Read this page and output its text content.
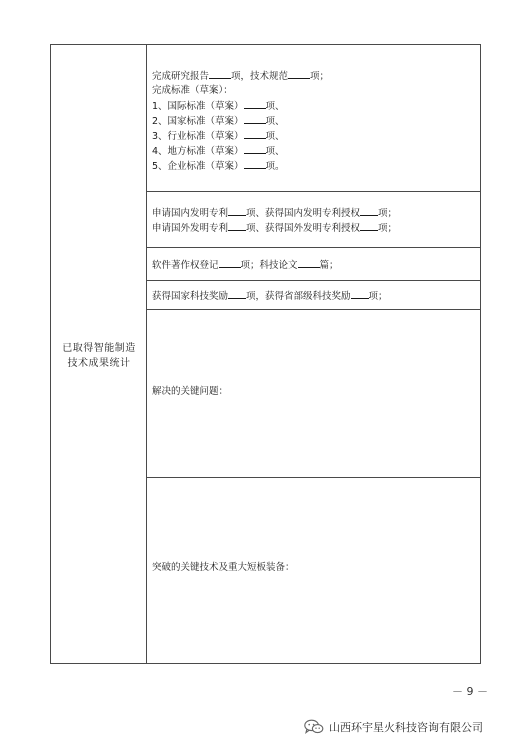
已取得智能制造
技术成果统计
完成研究报告 项，技术规范 项；
完成标准（草案）：
1、国际标准（草案） 项、
2、国家标准（草案） 项、
3、行业标准（草案） 项、
4、地方标准（草案） 项、
5、企业标准（草案） 项。
申请国内发明专利 项、获得国内发明专利授权 项；
申请国外发明专利 项、获得国外发明专利授权 项；
软件著作权登记 项；科技论文 篇；
获得国家科技奖励 项，获得省部级科技奖励 项；
解决的关键问题：
突破的关键技术及重大短板装备：
－ 9 －
山西环宇星火科技咨询有限公司
